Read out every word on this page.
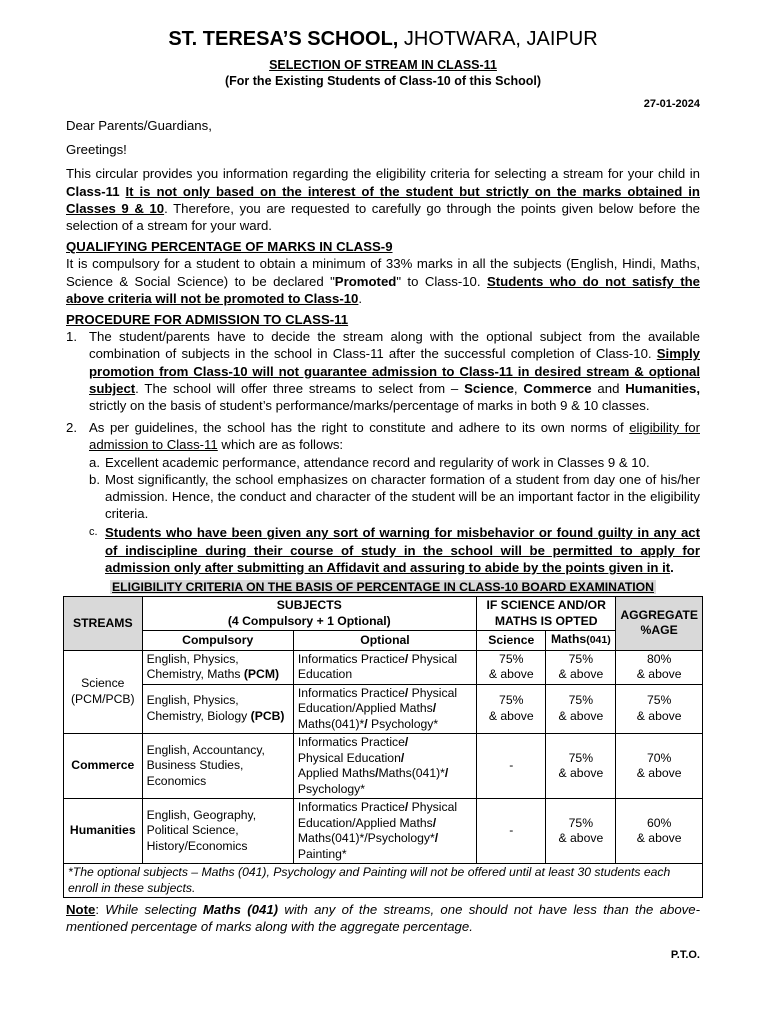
ST. TERESA’S SCHOOL, JHOTWARA, JAIPUR
SELECTION OF STREAM IN CLASS-11
(For the Existing Students of Class-10 of this School)
27-01-2024

Dear Parents/Guardians,

Greetings!

This circular provides you information regarding the eligibility criteria for selecting a stream for your child in Class-11 It is not only based on the interest of the student but strictly on the marks obtained in Classes 9 & 10. Therefore, you are requested to carefully go through the points given below before the selection of a stream for your ward.

QUALIFYING PERCENTAGE OF MARKS IN CLASS-9

It is compulsory for a student to obtain a minimum of 33% marks in all the subjects (English, Hindi, Maths, Science & Social Science) to be declared "Promoted" to Class-10. Students who do not satisfy the above criteria will not be promoted to Class-10.

PROCEDURE FOR ADMISSION TO CLASS-11

1. The student/parents have to decide the stream along with the optional subject from the available combination of subjects in the school in Class-11 after the successful completion of Class-10. Simply promotion from Class-10 will not guarantee admission to Class-11 in desired stream & optional subject. The school will offer three streams to select from – Science, Commerce and Humanities, strictly on the basis of student’s performance/marks/percentage of marks in both 9 & 10 classes.
2. As per guidelines, the school has the right to constitute and adhere to its own norms of eligibility for admission to Class-11 which are as follows:
a. Excellent academic performance, attendance record and regularity of work in Classes 9 & 10.
b. Most significantly, the school emphasizes on character formation of a student from day one of his/her admission. Hence, the conduct and character of the student will be an important factor in the eligibility criteria.
c. Students who have been given any sort of warning for misbehavior or found guilty in any act of indiscipline during their course of study in the school will be permitted to apply for admission only after submitting an Affidavit and assuring to abide by the points given in it.
ELIGIBILITY CRITERIA ON THE BASIS OF PERCENTAGE IN CLASS-10 BOARD EXAMINATION
STREAMS	SUBJECTS
(4 Compulsory + 1 Optional)		IF SCIENCE AND/OR
MATHS IS OPTED		AGGREGATE
%AGE
	Compulsory	Optional	Science	Maths(041)	
Science
(PCM/PCB)	English, Physics,
Chemistry, Maths (PCM)	Informatics Practice/ Physical
Education	75%
& above	75%
& above	80%
& above
	English, Physics,
Chemistry, Biology (PCB)	Informatics Practice/ Physical
Education/Applied Maths/
Maths(041)*/ Psychology*	75%
& above	75%
& above	75%
& above
Commerce	English, Accountancy,
Business Studies,
Economics	Informatics Practice/
Physical Education/
Applied Maths/Maths(041)*/
Psychology*	-	75%
& above	70%
& above
Humanities	English, Geography,
Political Science,
History/Economics	Informatics Practice/ Physical
Education/Applied Maths/
Maths(041)*/Psychology*/
Painting*	-	75%
& above	60%
& above
*The optional subjects – Maths (041), Psychology and Painting will not be offered until at least 30 students each enroll in these subjects.					

Note: While selecting Maths (041) with any of the streams, one should not have less than the above-mentioned percentage of marks along with the aggregate percentage.

P.T.O.
